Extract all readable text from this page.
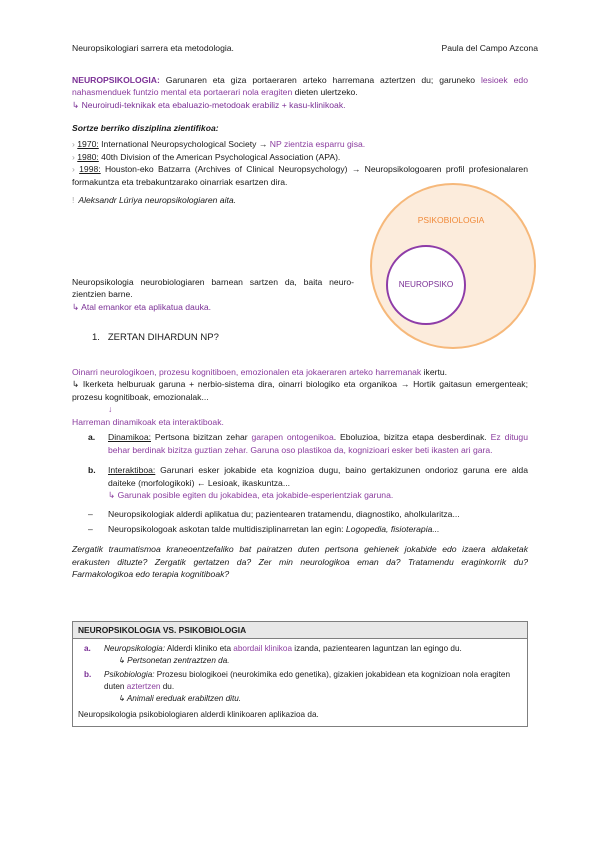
Neuropsikologiari sarrera eta metodologia.	Paula del Campo Azcona
NEUROPSIKOLOGIA: Garunaren eta giza portaeraren arteko harremana aztertzen du; garuneko lesioek edo nahasmenduek funtzio mental eta portaerari nola eragiten dieten ulertzeko.
↳ Neuroirudi-teknikak eta ebaluazio-metodoak erabiliz + kasu-klinikoak.
Sortze berriko disziplina zientifikoa:
› 1970: International Neuropsychological Society → NP zientzia esparru gisa.
› 1980: 40th Division of the American Psychological Association (APA).
› 1998: Houston-eko Batzarra (Archives of Clinical Neuropsychology) → Neuropsikologoaren profil profesionalaren formakuntza eta trebakuntzarako oinarriak esartzen dira.
! Aleksandr Lúriya neuropsikologiaren aita.
PSIKOBIOLOGIA
NEUROPSIKO
Neuropsikologia neurobiologiaren barnean sartzen da, baita neuro-zientzien barne.
↳ Atal emankor eta aplikatua dauka.
1. ZERTAN DIHARDUN NP?
Oinarri neurologikoen, prozesu kognitiboen, emozionalen eta jokaeraren arteko harremanak ikertu.
↳ Ikerketa helburuak garuna + nerbio-sistema dira, oinarri biologiko eta organikoa → Hortik gaitasun emergenteak; prozesu kognitiboak, emozionalak...
↓
Harreman dinamikoak eta interaktiboak.
a.	Dinamikoa: Pertsona bizitzan zehar garapen ontogenikoa. Eboluzioa, bizitza etapa desberdinak. Ez ditugu behar berdinak bizitza guztian zehar. Garuna oso plastikoa da, kognizioari esker beti ikasten ari gara.
b.	Interaktiboa: Garunari esker jokabide eta kognizioa dugu, baino gertakizunen ondorioz garuna ere alda daiteke (morfologikoki) ← Lesioak, ikaskuntza...
↳ Garunak posible egiten du jokabidea, eta jokabide-esperientziak garuna.
–	Neuropsikologiak alderdi aplikatua du; pazientearen tratamendu, diagnostiko, aholkularitza...
–	Neuropsikologoak askotan talde multidisziplinarretan lan egin: Logopedia, fisioterapia...
Zergatik traumatismoa kraneoentzefaliko bat pairatzen duten pertsona gehienek jokabide edo izaera aldaketak erakusten dituzte? Zergatik gertatzen da? Zer min neurologikoa eman da? Tratamendu eraginkorrik du? Farmakologikoa edo terapia kognitiboak?
NEUROPSIKOLOGIA VS. PSIKOBIOLOGIA
a.	Neuropsikologia: Alderdi kliniko eta abordail klinikoa izanda, pazientearen laguntzan lan egingo du.
↳ Pertsonetan zentraztzen da.
b.	Psikobiologia: Prozesu biologikoei (neurokimika edo genetika), gizakien jokabidean eta kognizioan nola eragiten duten aztertzen du.
↳ Animali ereduak erabiltzen ditu.
Neuropsikologia psikobiologiaren alderdi klinikoaren aplikazioa da.
